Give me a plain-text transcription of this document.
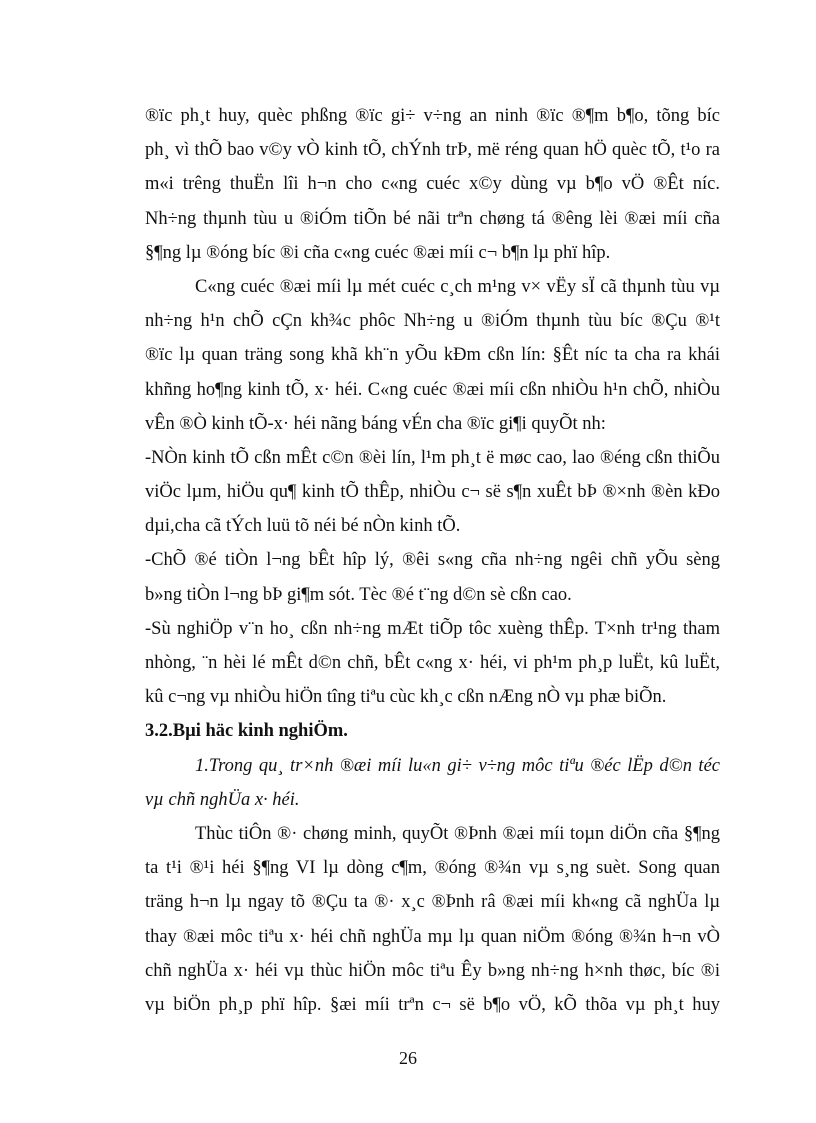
®ïc ph¸t huy, quèc phßng ®ïc gi÷ v÷ng an ninh ®ïc ®¶m b¶o, tõng bíc
ph¸ vì thÕ bao v©y vÒ kinh tÕ, chÝnh trÞ, më réng quan hÖ quèc tÕ, t¹o ra
m«i trêng thuËn lîi h¬n cho c«ng cuéc x©y dùng vµ b¶o vÖ ®Êt níc.
Nh÷ng thµnh tùu u ®iÓm tiÕn bé nãi trªn chøng tá ®êng lèi ®æi míi cña
§¶ng lµ ®óng bíc ®i cña c«ng cuéc ®æi míi c¬ b¶n lµ phï hîp.
C«ng cuéc ®æi míi lµ mét cuéc c¸ch m¹ng v× vËy sÏ cã thµnh tùu vµ
nh÷ng h¹n chÕ cÇn kh¾c phôc Nh÷ng u ®iÓm thµnh tùu bíc ®Çu ®¹t
®ïc lµ quan träng song khã kh¨n yÕu kÐm cßn lín: §Êt níc ta cha ra khái
khñng ho¶ng kinh tÕ, x· héi. C«ng cuéc ®æi míi cßn nhiÒu h¹n chÕ, nhiÒu
vÊn ®Ò kinh tÕ-x· héi nãng báng vÉn cha ®ïc gi¶i quyÕt nh:
-NÒn kinh tÕ cßn mÊt c©n ®èi lín, l¹m ph¸t ë møc cao, lao ®éng cßn thiÕu
viÖc lµm, hiÖu qu¶ kinh tÕ thÊp, nhiÒu c¬ së s¶n xuÊt bÞ ®×nh ®èn kÐo
dµi,cha cã tÝch luü tõ néi bé nÒn kinh tÕ.
-ChÕ ®é tiÒn l¬ng bÊt hîp lý, ®êi s«ng cña nh÷ng ngêi chñ yÕu sèng
b»ng tiÒn l¬ng bÞ gi¶m sót. Tèc ®é t¨ng d©n sè cßn cao.
-Sù nghiÖp v¨n ho¸ cßn nh÷ng mÆt tiÕp tôc xuèng thÊp. T×nh tr¹ng tham
nhòng, ¨n hèi lé mÊt d©n chñ, bÊt c«ng x· héi, vi ph¹m ph¸p luËt, kû luËt,
kû c¬ng vµ nhiÒu hiÖn tîng tiªu cùc kh¸c cßn nÆng nÒ vµ phæ biÕn.
3.2.Bµi häc kinh nghiÖm.
1.Trong qu¸ tr×nh ®æi míi lu«n gi÷ v÷ng môc tiªu ®éc lËp d©n téc
vµ chñ nghÜa x· héi.
Thùc tiÔn ®· chøng minh, quyÕt ®Þnh ®æi míi toµn diÖn cña §¶ng
ta t¹i ®¹i héi §¶ng VI lµ dòng c¶m, ®óng ®¾n vµ s¸ng suèt. Song quan
träng h¬n lµ ngay tõ ®Çu ta ®· x¸c ®Þnh râ ®æi míi kh«ng cã nghÜa lµ
thay ®æi môc tiªu x· héi chñ nghÜa mµ lµ quan niÖm ®óng ®¾n h¬n vÒ
chñ nghÜa x· héi vµ thùc hiÖn môc tiªu Êy b»ng nh÷ng h×nh thøc, bíc ®i
vµ biÖn ph¸p phï hîp. §æi míi trªn c¬ së b¶o vÖ, kÕ thõa vµ ph¸t huy
26
